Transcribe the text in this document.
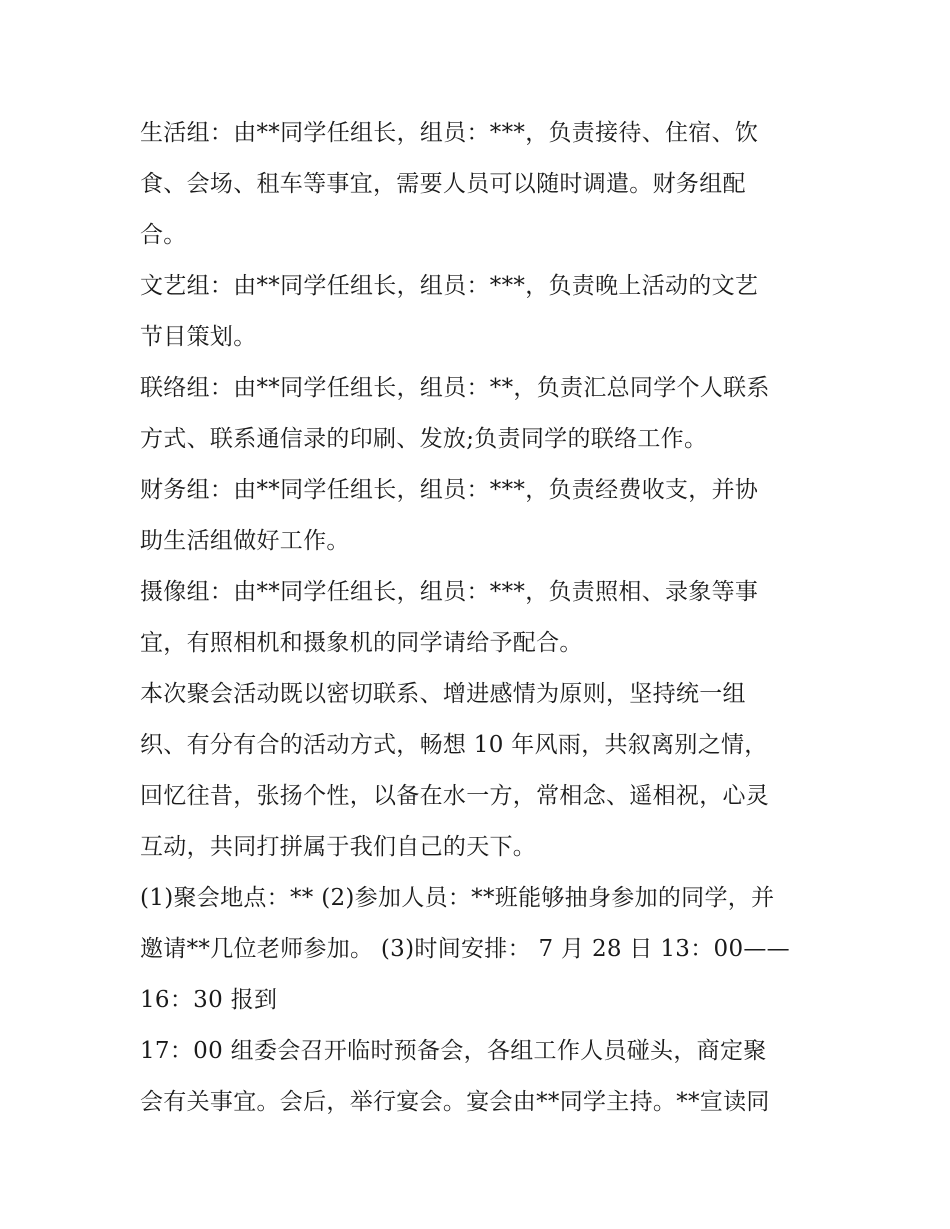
生活组：由**同学任组长，组员：***，负责接待、住宿、饮
食、会场、租车等事宜，需要人员可以随时调遣。财务组配
合。
文艺组：由**同学任组长，组员：***，负责晚上活动的文艺
节目策划。
联络组：由**同学任组长，组员：**，负责汇总同学个人联系
方式、联系通信录的印刷、发放;负责同学的联络工作。
财务组：由**同学任组长，组员：***，负责经费收支，并协
助生活组做好工作。
摄像组：由**同学任组长，组员：***，负责照相、录象等事
宜，有照相机和摄象机的同学请给予配合。
本次聚会活动既以密切联系、增进感情为原则，坚持统一组
织、有分有合的活动方式，畅想 10 年风雨，共叙离别之情，
回忆往昔，张扬个性，以备在水一方，常相念、遥相祝，心灵
互动，共同打拼属于我们自己的天下。
(1)聚会地点：** (2)参加人员：**班能够抽身参加的同学，并
邀请**几位老师参加。 (3)时间安排： 7 月 28 日 13：00——
16：30 报到
17：00 组委会召开临时预备会，各组工作人员碰头，商定聚
会有关事宜。会后，举行宴会。宴会由**同学主持。**宣读同
